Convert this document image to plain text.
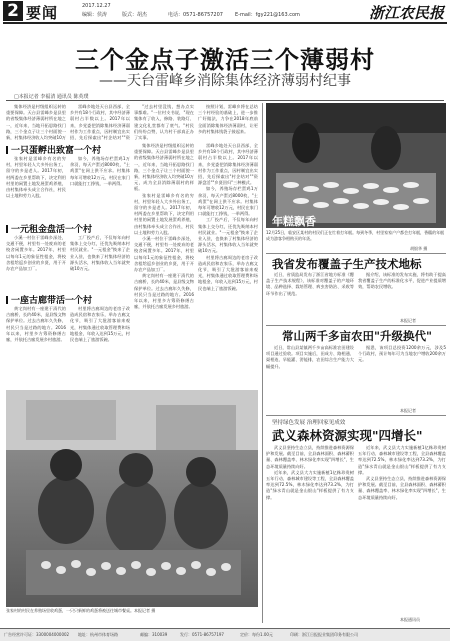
2 要闻	2017.12.27
编辑：侯涛	版式：胡杰	电话：0571-86757207 E-mail：fgy221@163.com	浙江农民报
三个金点子激活三个薄弱村
——天台雷峰乡消除集体经济薄弱村纪事
□本报记者 李福清 通讯员 陈英璞

集体经济是村级组织运转的重要保障。天台县雷峰乡是县里的省级集体经济薄弱村所在地之一，近年来，当地开拓思路找门路，三个金点子让三个村面貌一新，村集体经济收入均突破10万

雷峰乡地处天台县西部，全乡共有18个行政村，其中经济薄弱村占半数以上。2017年以来，乡党委把消除集体经济薄弱村作为工作重点，因村制宜出实招，先后探索出"村企结对""资

"过去村里没钱，想办点实事都难。"一位村支书说，"现在集体有了收入，修路、装路灯、建文化礼堂都有了底气。"村民们纷纷点赞，认为村干部真正办了实事。

按照计划，雷峰乡将在总结三个村经验的基础上，进一步推广好做法，力争在2018年底前全面消除集体经济薄弱村，让更多的村集体钱袋子鼓起来。

一只蛋孵出致富一个村

张家村是雷峰乡有名的穷村，村里年轻人大多外出务工，留守的多是老人。2017年初，村两委在乡里帮助下，决定利用村里的闲置土地发展蛋鸡养殖，由村集体牵头成立合作社，村民以土地和劳力入股。

如今，养殖场存栏蛋鸡1万余羽，每天产蛋近8000枚，"土鸡蛋"在网上供不应求。村集体每年可增收12万元，村民在家门口就能打工挣钱，一举两得。

一元租金盘活一个村

小溪一村位于雷峰乡深处，交通不便，村里有一处废弃的老校舍闲置多年。2017年，村里以每年1元的象征性租金，将校舍租给返乡创业的乡贤，用于开办农产品加工厂。

工厂投产后，不仅每年向村集体上交分红，还优先吸纳本村村民就业。"一元租金"换来了企业入驻，也换来了村集体经济的源头活水，村集体收入当年就突破10万元。

一座古廊带活一个村

黄宅岗村有一座建于清代的古廊桥，长约40米，是县级文物保护单位。过去古廊年久失修，村民只当是过路的地方。2016年以来，村里多方筹资修缮古廊，并依托古廊发展乡村旅游。

村里将古廊周边的老房子改造成民宿和农家乐，举办古廊文化节，吸引了大批游客前来观光，村集体通过收取管理费和场地租金，年收入达到15万元，村民也端上了旅游饭碗。

集体经济是村级组织运转的重要保障。天台县雷峰乡是县里的省级集体经济薄弱村所在地之一，近年来，当地开拓思路找门路，三个金点子让三个村面貌一新，村集体经济收入均突破10万元，成为全县消除薄弱村的样板。

张家村是雷峰乡有名的穷村，村里年轻人大多外出务工，留守的多是老人。2017年初，村两委在乡里帮助下，决定利用村里的闲置土地发展蛋鸡养殖，由村集体牵头成立合作社，村民以土地和劳力入股。

小溪一村位于雷峰乡深处，交通不便，村里有一处废弃的老校舍闲置多年。2017年，村里以每年1元的象征性租金，将校舍租给返乡创业的乡贤，用于开办农产品加工厂。

黄宅岗村有一座建于清代的古廊桥，长约40米，是县级文物保护单位。过去古廊年久失修，村民只当是过路的地方。2016年以来，村里多方筹资修缮古廊，并依托古廊发展乡村旅游。

雷峰乡地处天台县西部，全乡共有18个行政村，其中经济薄弱村占半数以上。2017年以来，乡党委把消除集体经济薄弱村作为工作重点，因村制宜出实招，先后探索出"村企结对""资源盘活""乡贤回归"三种模式。

如今，养殖场存栏蛋鸡1万余羽，每天产蛋近8000枚，"土鸡蛋"在网上供不应求。村集体每年可增收12万元，村民在家门口就能打工挣钱，一举两得。

工厂投产后，不仅每年向村集体上交分红，还优先吸纳本村村民就业。"一元租金"换来了企业入驻，也换来了村集体经济的源头活水，村集体收入当年就突破10万元。

村里将古廊周边的老房子改造成民宿和农家乐，举办古廊文化节，吸引了大批游客前来观光，村集体通过收取管理费和场地租金，年收入达到15万元，村民也端上了旅游饭碗。

张家村的村民在养殖场里收鸡蛋，一只只新鲜的鸡蛋将被送往城市餐桌。本报记者 摄
年糕飘香
12月25日，临安区某村的村民们正在忙着打年糕。每到冬季，村里家家户户都会打年糕，香糯的年糕成为游客争相购买的年货。
胡银华 摄
我省发布覆盖子生产技术地标

近日，省质监局发布了浙江省地方标准《覆盖子生产技术规程》，该标准对覆盖子的产地环境、品种选择、栽培管理、病虫害防治、采收等环节作出了规范。

据介绍，该标准的发布实施，将有助于提高我省覆盖子生产的标准化水平，促进产业提质增效，帮助农民增收。

本报记者
常山两千多亩农田"升级换代"

近日，常山县某镇两千多亩高标准农田建设项目通过验收。项目实施后，田成方、路相通、渠相连、旱能灌、涝能排，农田综合生产能力大幅提升。

据悉，该项目总投资1200余万元，涉及5个行政村，预计每年可为当地农户增收200余万元。

本报记者
坚持绿色发展 治理回家见成效
武义森林资源实现"四增长"

武义县坚持生态立县，持续推进森林资源保护和发展。截至目前，全县森林面积、森林蓄积量、森林覆盖率、林木绿化率实现"四增长"，生态环境质量持续向好。

近年来，武义县大力实施新植1亿株珍贵树五年行动、森林城市建设等工程，全县森林覆盖率达到72.5%，林木绿化率达到73.2%，为打造"绿水青山就是金山银山"样板提供了有力支撑。

近年来，武义县大力实施新植1亿株珍贵树五年行动、森林城市建设等工程，全县森林覆盖率达到72.5%，林木绿化率达到73.2%，为打造"绿水青山就是金山银山"样板提供了有力支撑。

武义县坚持生态立县，持续推进森林资源保护和发展。截至目前，全县森林面积、森林蓄积量、森林覆盖率、林木绿化率实现"四增长"，生态环境质量持续向好。

本报通讯员
广告经营许可证：3300004000002 地址：杭州市体育场路	邮编：310039	发行：0571-86757197	定价：每份1.00元	印刷：浙江日报报业集团印务有限公司
